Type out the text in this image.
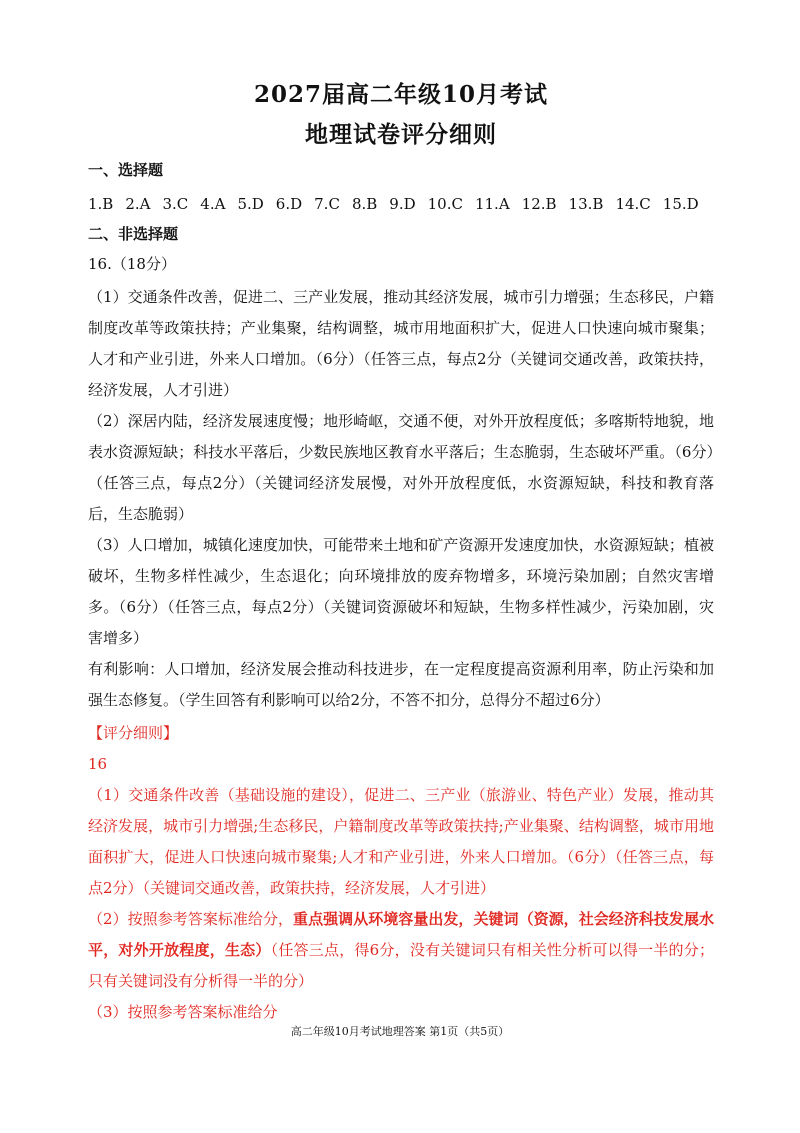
2027届高二年级10月考试
地理试卷评分细则
一、选择题
1.B 2.A 3.C 4.A 5.D 6.D 7.C 8.B 9.D 10.C 11.A 12.B 13.B 14.C 15.D
二、非选择题
16.（18分）

（1）交通条件改善，促进二、三产业发展，推动其经济发展，城市引力增强；生态移民，户籍制度改革等政策扶持；产业集聚，结构调整，城市用地面积扩大，促进人口快速向城市聚集；人才和产业引进，外来人口增加。（6分）（任答三点，每点2分（关键词交通改善，政策扶持，经济发展，人才引进）

（2）深居内陆，经济发展速度慢；地形崎岖，交通不便，对外开放程度低；多喀斯特地貌，地表水资源短缺；科技水平落后，少数民族地区教育水平落后；生态脆弱，生态破坏严重。（6分）（任答三点，每点2分）（关键词经济发展慢，对外开放程度低，水资源短缺，科技和教育落后，生态脆弱）

（3）人口增加，城镇化速度加快，可能带来土地和矿产资源开发速度加快，水资源短缺；植被破坏，生物多样性减少，生态退化；向环境排放的废弃物增多，环境污染加剧；自然灾害增多。（6分）（任答三点，每点2分）（关键词资源破坏和短缺，生物多样性减少，污染加剧，灾害增多）

有利影响：人口增加，经济发展会推动科技进步，在一定程度提高资源利用率，防止污染和加强生态修复。（学生回答有利影响可以给2分，不答不扣分，总得分不超过6分）

【评分细则】
16

（1）交通条件改善（基础设施的建设），促进二、三产业（旅游业、特色产业）发展，推动其经济发展，城市引力增强;生态移民，户籍制度改革等政策扶持;产业集聚、结构调整，城市用地面积扩大，促进人口快速向城市聚集;人才和产业引进，外来人口增加。（6分）（任答三点，每点2分）（关键词交通改善，政策扶持，经济发展，人才引进）

（2）按照参考答案标准给分，重点强调从环境容量出发，关键词（资源，社会经济科技发展水平，对外开放程度，生态）（任答三点，得6分，没有关键词只有相关性分析可以得一半的分；只有关键词没有分析得一半的分）

（3）按照参考答案标准给分

高二年级10月考试地理答案 第1页（共5页）
